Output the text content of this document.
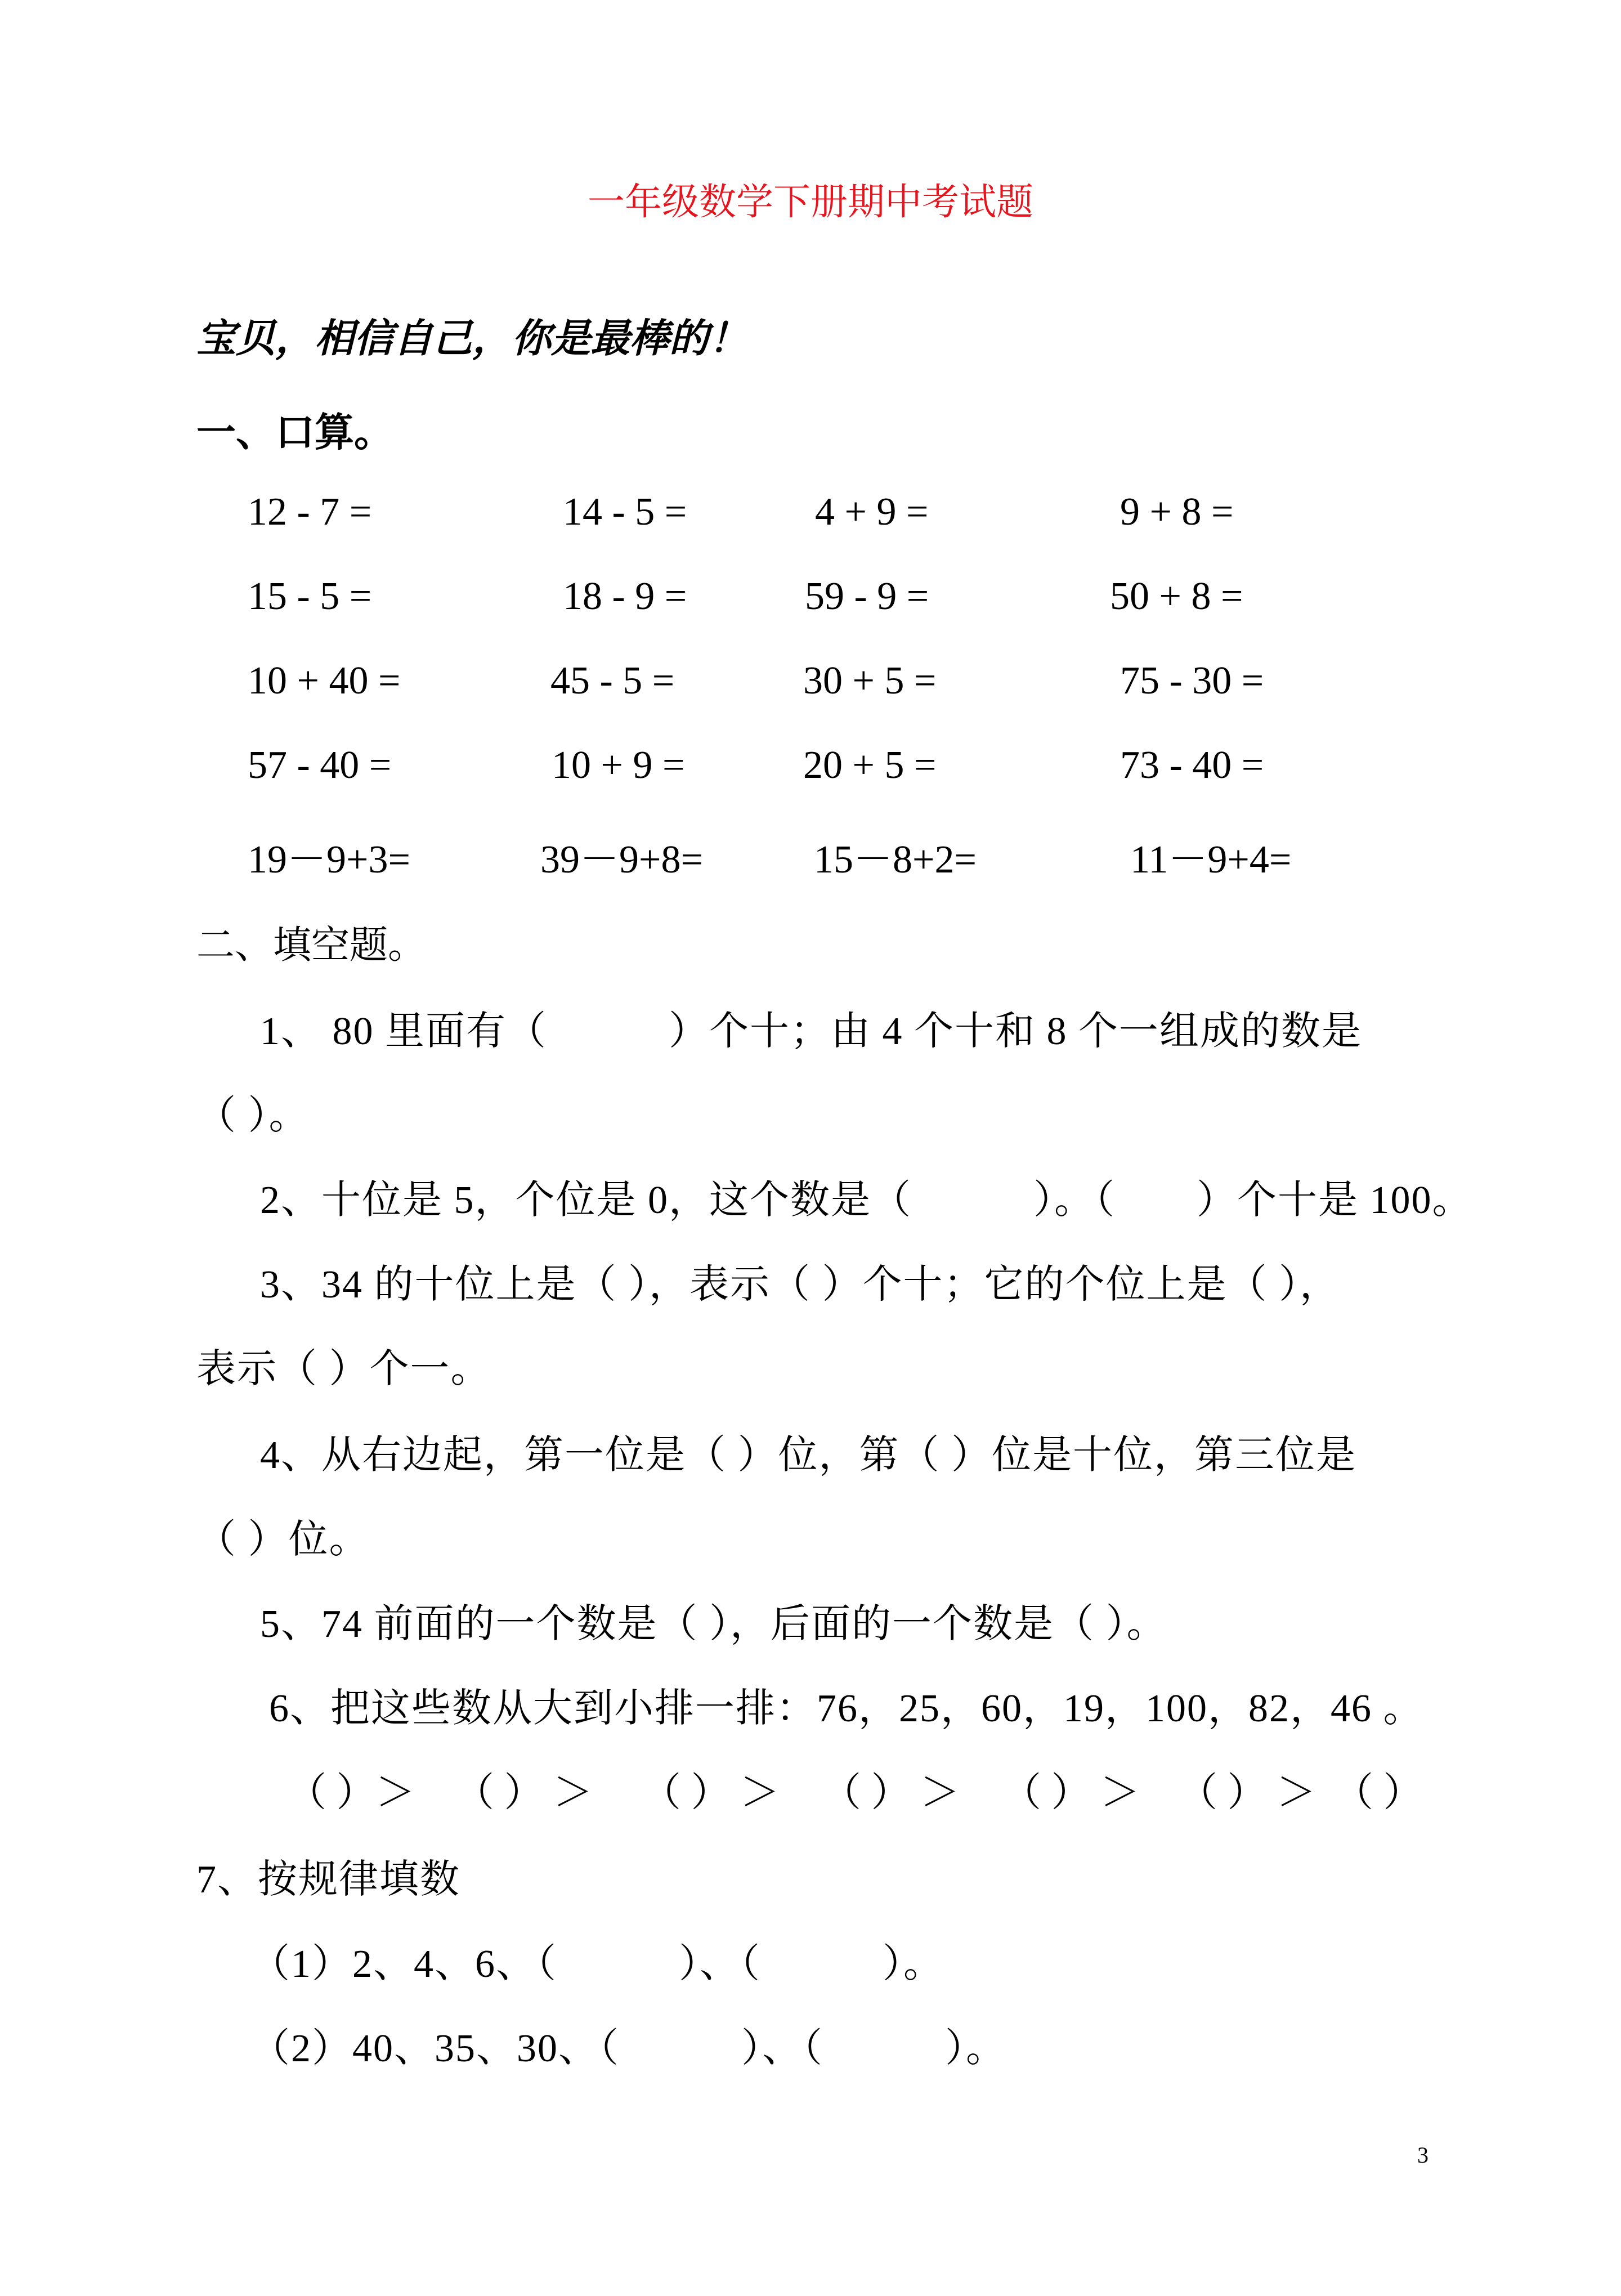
一年级数学下册期中考试题
宝贝，相信自己，你是最棒的！
一、口算。
12 - 7 =	14 - 5 =	4 + 9 =	9 + 8 =
15 - 5 =	18 - 9 =	59 - 9 =	50 + 8 =
10 + 40 =	45 - 5 =	30 + 5 =	75 - 30 =
57 - 40 =	10 + 9 =	20 + 5 =	73 - 40 =
19－9+3=	39－9+8=	15－8+2=	11－9+4=
二、填空题。
1、 80 里面有（　　　）个十；由 4 个十和 8 个一组成的数是
（ ）。
2、十位是 5，个位是 0，这个数是（　　　）。（　　）个十是 100。
3、34 的十位上是（ ），表示（ ）个十；它的个位上是（ ），
表示（ ）个一。
4、从右边起，第一位是（ ）位，第（ ）位是十位，第三位是
（ ）位。
5、74 前面的一个数是（ ），后面的一个数是（ ）。
6、把这些数从大到小排一排：76，25，60，19，100，82，46 。
（ ）＞ （ ） ＞ （ ） ＞ （ ） ＞ （ ） ＞ （ ） ＞ （ ）
7、按规律填数
（1）2、4、6、（　　　）、（　　　）。
（2）40、35、30、（　　　）、（　　　）。
3
